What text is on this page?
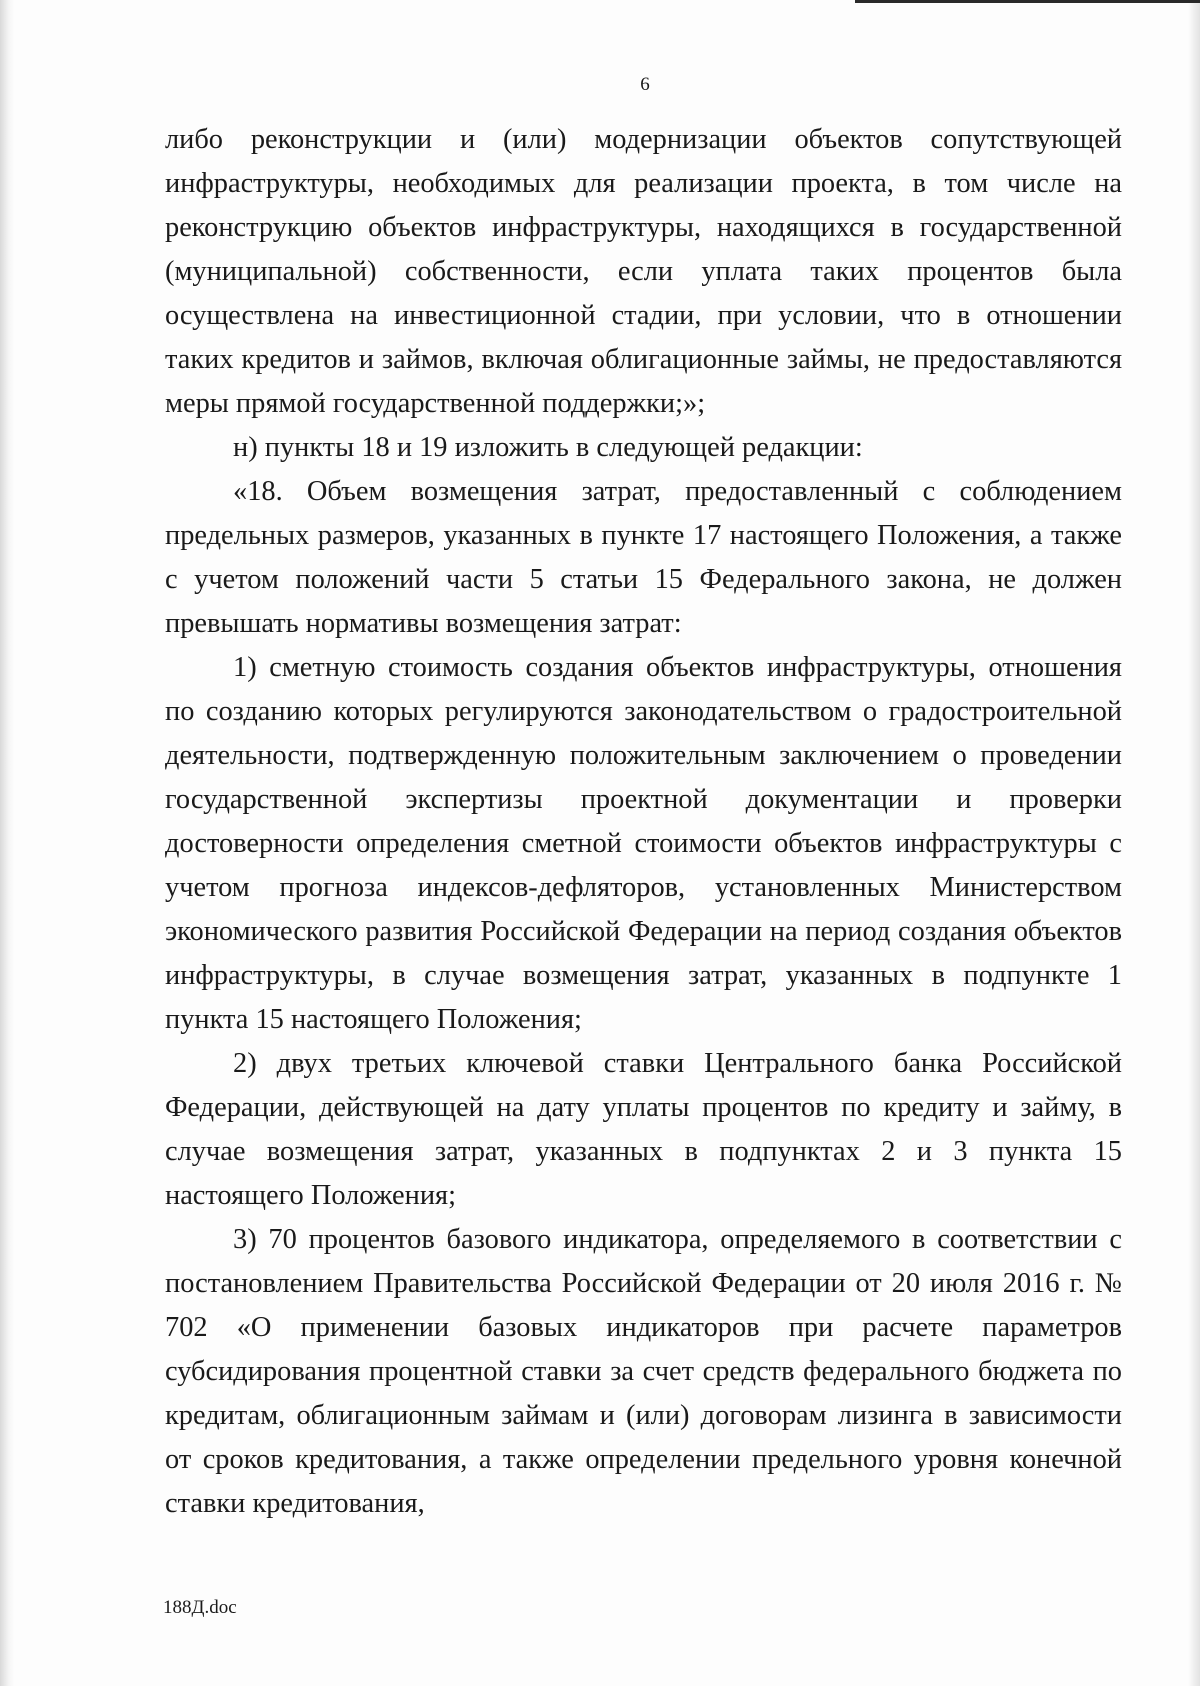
6

либо реконструкции и (или) модернизации объектов сопутствующей инфраструктуры, необходимых для реализации проекта, в том числе на реконструкцию объектов инфраструктуры, находящихся в государственной (муниципальной) собственности, если уплата таких процентов была осуществлена на инвестиционной стадии, при условии, что в отношении таких кредитов и займов, включая облигационные займы, не предоставляются меры прямой государственной поддержки;»;

н) пункты 18 и 19 изложить в следующей редакции:

«18. Объем возмещения затрат, предоставленный с соблюдением предельных размеров, указанных в пункте 17 настоящего Положения, а также с учетом положений части 5 статьи 15 Федерального закона, не должен превышать нормативы возмещения затрат:

1) сметную стоимость создания объектов инфраструктуры, отношения по созданию которых регулируются законодательством о градостроительной деятельности, подтвержденную положительным заключением о проведении государственной экспертизы проектной документации и проверки достоверности определения сметной стоимости объектов инфраструктуры с учетом прогноза индексов-дефляторов, установленных Министерством экономического развития Российской Федерации на период создания объектов инфраструктуры, в случае возмещения затрат, указанных в подпункте 1 пункта 15 настоящего Положения;

2) двух третьих ключевой ставки Центрального банка Российской Федерации, действующей на дату уплаты процентов по кредиту и займу, в случае возмещения затрат, указанных в подпунктах 2 и 3 пункта 15 настоящего Положения;

3) 70 процентов базового индикатора, определяемого в соответствии с постановлением Правительства Российской Федерации от 20 июля 2016 г. № 702 «О применении базовых индикаторов при расчете параметров субсидирования процентной ставки за счет средств федерального бюджета по кредитам, облигационным займам и (или) договорам лизинга в зависимости от сроков кредитования, а также определении предельного уровня конечной ставки кредитования,

188Д.doc
